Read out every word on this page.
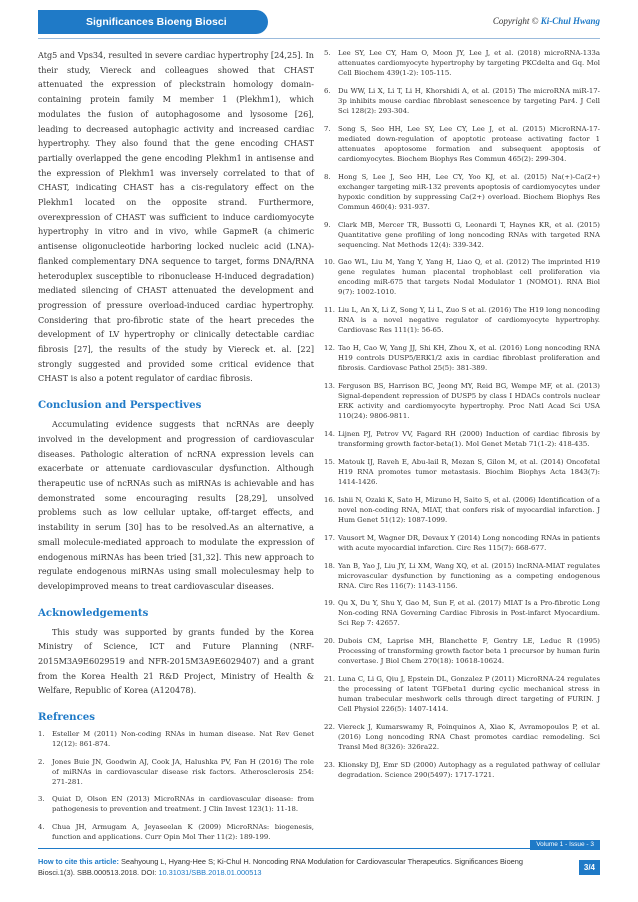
Significances Bioeng Biosci	Copyright © Ki-Chul Hwang

Atg5 and Vps34, resulted in severe cardiac hypertrophy [24,25]. In their study, Viereck and colleagues showed that CHAST attenuated the expression of pleckstrain homology domain-containing protein family M member 1 (Plekhm1), which modulates the fusion of autophagosome and lysosome [26], leading to decreased autophagic activity and increased cardiac hypertrophy. They also found that the gene encoding CHAST partially overlapped the gene encoding Plekhm1 in antisense and the expression of Plekhm1 was inversely correlated to that of CHAST, indicating CHAST has a cis-regulatory effect on the Plekhm1 located on the opposite strand. Furthermore, overexpression of CHAST was sufficient to induce cardiomyocyte hypertrophy in vitro and in vivo, while GapmeR (a chimeric antisense oligonucleotide harboring locked nucleic acid (LNA)-flanked complementary DNA sequence to target, forms DNA/RNA heteroduplex susceptible to ribonuclease H-induced degradation) mediated silencing of CHAST attenuated the development and progression of pressure overload-induced cardiac hypertrophy. Considering that pro-fibrotic state of the heart precedes the development of LV hypertrophy or clinically detectable cardiac fibrosis [27], the results of the study by Viereck et. al. [22] strongly suggested and provided some critical evidence that CHAST is also a potent regulator of cardiac fibrosis.

Conclusion and Perspectives

Accumulating evidence suggests that ncRNAs are deeply involved in the development and progression of cardiovascular diseases. Pathologic alteration of ncRNA expression levels can exacerbate or attenuate cardiovascular dysfunction. Although therapeutic use of ncRNAs such as miRNAs is achievable and has demonstrated some encouraging results [28,29], unsolved problems such as low cellular uptake, off-target effects, and instability in serum [30] has to be resolved.As an alternative, a small molecule-mediated approach to modulate the expression of endogenous miRNAs has been tried [31,32]. This new approach to regulate endogenous miRNAs using small moleculesmay help to developimproved means to treat cardiovascular diseases.

Acknowledgements

This study was supported by grants funded by the Korea Ministry of Science, ICT and Future Planning (NRF-2015M3A9E6029519 and NFR-2015M3A9E6029407) and a grant from the Korea Health 21 R&D Project, Ministry of Health & Welfare, Republic of Korea (A120478).

Refrences
1.	Esteller M (2011) Non-coding RNAs in human disease. Nat Rev Genet 12(12): 861-874.
2.	Jones Buie JN, Goodwin AJ, Cook JA, Halushka PV, Fan H (2016) The role of miRNAs in cardiovascular disease risk factors. Atherosclerosis 254: 271-281.
3.	Quiat D, Olson EN (2013) MicroRNAs in cardiovascular disease: from pathogenesis to prevention and treatment. J Clin Invest 123(1): 11-18.
4.	Chua JH, Armugam A, Jeyaseelan K (2009) MicroRNAs: biogenesis, function and applications. Curr Opin Mol Ther 11(2): 189-199.
5.	Lee SY, Lee CY, Ham O, Moon JY, Lee J, et al. (2018) microRNA-133a attenuates cardiomyocyte hypertrophy by targeting PKCdelta and Gq. Mol Cell Biochem 439(1-2): 105-115.
6.	Du WW, Li X, Li T, Li H, Khorshidi A, et al. (2015) The microRNA miR-17-3p inhibits mouse cardiac fibroblast senescence by targeting Par4. J Cell Sci 128(2): 293-304.
7.	Song S, Seo HH, Lee SY, Lee CY, Lee J, et al. (2015) MicroRNA-17-mediated down-regulation of apoptotic protease activating factor 1 attenuates apoptosome formation and subsequent apoptosis of cardiomyocytes. Biochem Biophys Res Commun 465(2): 299-304.
8.	Hong S, Lee J, Seo HH, Lee CY, Yoo KJ, et al. (2015) Na(+)-Ca(2+) exchanger targeting miR-132 prevents apoptosis of cardiomyocytes under hypoxic condition by suppressing Ca(2+) overload. Biochem Biophys Res Commun 460(4): 931-937.
9.	Clark MB, Mercer TR, Bussotti G, Leonardi T, Haynes KR, et al. (2015) Quantitative gene profiling of long noncoding RNAs with targeted RNA sequencing. Nat Methods 12(4): 339-342.
10. Gao WL, Liu M, Yang Y, Yang H, Liao Q, et al. (2012) The imprinted H19 gene regulates human placental trophoblast cell proliferation via encoding miR-675 that targets Nodal Modulator 1 (NOMO1). RNA Biol 9(7): 1002-1010.
11. Liu L, An X, Li Z, Song Y, Li L, Zuo S et al. (2016) The H19 long noncoding RNA is a novel negative regulator of cardiomyocyte hypertrophy. Cardiovasc Res 111(1): 56-65.
12. Tao H, Cao W, Yang JJ, Shi KH, Zhou X, et al. (2016) Long noncoding RNA H19 controls DUSP5/ERK1/2 axis in cardiac fibroblast proliferation and fibrosis. Cardiovasc Pathol 25(5): 381-389.
13. Ferguson BS, Harrison BC, Jeong MY, Reid BG, Wempe MF, et al. (2013) Signal-dependent repression of DUSP5 by class I HDACs controls nuclear ERK activity and cardiomyocyte hypertrophy. Proc Natl Acad Sci USA 110(24): 9806-9811.
14. Lijnen PJ, Petrov VV, Fagard RH (2000) Induction of cardiac fibrosis by transforming growth factor-beta(1). Mol Genet Metab 71(1-2): 418-435.
15. Matouk IJ, Raveh E, Abu-lail R, Mezan S, Gilon M, et al. (2014) Oncofetal H19 RNA promotes tumor metastasis. Biochim Biophys Acta 1843(7): 1414-1426.
16. Ishii N, Ozaki K, Sato H, Mizuno H, Saito S, et al. (2006) Identification of a novel non-coding RNA, MIAT, that confers risk of myocardial infarction. J Hum Genet 51(12): 1087-1099.
17. Vausort M, Wagner DR, Devaux Y (2014) Long noncoding RNAs in patients with acute myocardial infarction. Circ Res 115(7): 668-677.
18. Yan B, Yao J, Liu JY, Li XM, Wang XQ, et al. (2015) lncRNA-MIAT regulates microvascular dysfunction by functioning as a competing endogenous RNA. Circ Res 116(7): 1143-1156.
19. Qu X, Du Y, Shu Y, Gao M, Sun F, et al. (2017) MIAT Is a Pro-fibrotic Long Non-coding RNA Governing Cardiac Fibrosis in Post-infarct Myocardium. Sci Rep 7: 42657.
20. Dubois CM, Laprise MH, Blanchette F, Gentry LE, Leduc R (1995) Processing of transforming growth factor beta 1 precursor by human furin convertase. J Biol Chem 270(18): 10618-10624.
21. Luna C, Li G, Qiu J, Epstein DL, Gonzalez P (2011) MicroRNA-24 regulates the processing of latent TGFbeta1 during cyclic mechanical stress in human trabecular meshwork cells through direct targeting of FURIN. J Cell Physiol 226(5): 1407-1414.
22. Viereck J, Kumarswamy R, Foinquinos A, Xiao K, Avramopoulos P, et al. (2016) Long noncoding RNA Chast promotes cardiac remodeling. Sci Transl Med 8(326): 326ra22.
23. Klionsky DJ, Emr SD (2000) Autophagy as a regulated pathway of cellular degradation. Science 290(5497): 1717-1721.
Volume 1 - Issue - 3
How to cite this article: Seahyoung L, Hyang-Hee S; Ki-Chul H. Noncoding RNA Modulation for Cardiovascular Therapeutics. Significances Bioeng Biosci.1(3). SBB.000513.2018. DOI: 10.31031/SBB.2018.01.000513
3/4
